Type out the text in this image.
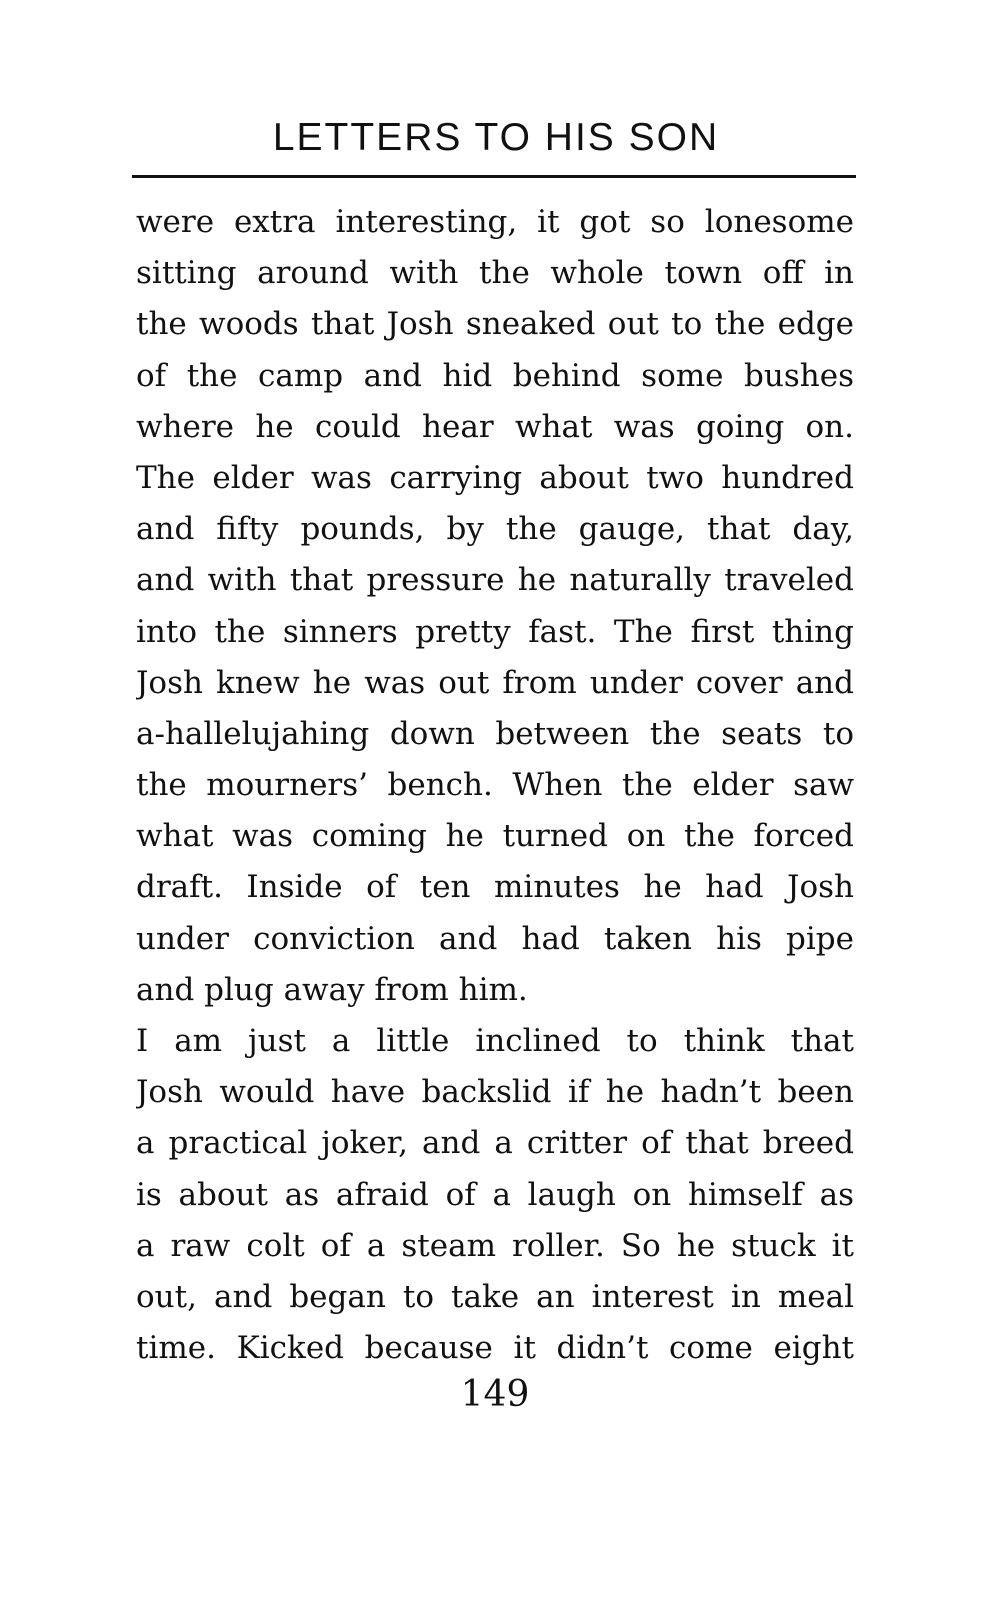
LETTERS TO HIS SON
were extra interesting, it got so lonesome
sitting around with the whole town off in
the woods that Josh sneaked out to the edge
of the camp and hid behind some bushes
where he could hear what was going on.
The elder was carrying about two hundred
and fifty pounds, by the gauge, that day,
and with that pressure he naturally traveled
into the sinners pretty fast. The first thing
Josh knew he was out from under cover and
a-hallelujahing down between the seats to
the mourners’ bench. When the elder saw
what was coming he turned on the forced
draft. Inside of ten minutes he had Josh
under conviction and had taken his pipe
and plug away from him.
I am just a little inclined to think that
Josh would have backslid if he hadn’t been
a practical joker, and a critter of that breed
is about as afraid of a laugh on himself as
a raw colt of a steam roller. So he stuck it
out, and began to take an interest in meal
time. Kicked because it didn’t come eight
149
